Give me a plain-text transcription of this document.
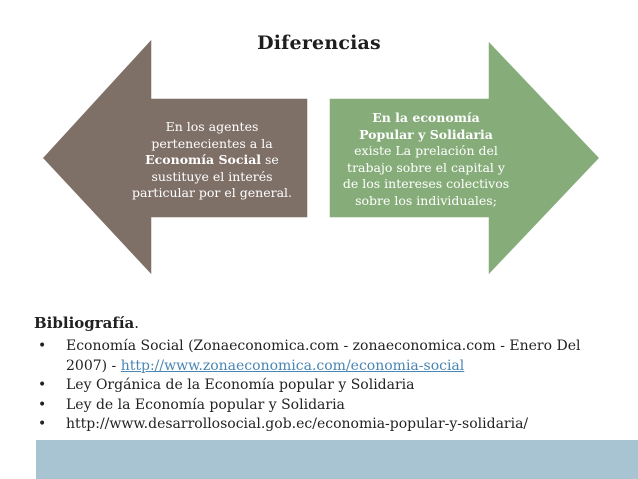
Diferencias
En los agentes
pertenecientes a la
Economía Social se
sustituye el interés
particular por el general.
En la economía
Popular y Solidaria
existe La prelación del
trabajo sobre el capital y
de los intereses colectivos
sobre los individuales;
Bibliografía.
• Economía Social (Zonaeconomica.com - zonaeconomica.com - Enero Del 2007) - http://www.zonaeconomica.com/economia-social
• Ley Orgánica de la Economía popular y Solidaria
• Ley de la Economía popular y Solidaria
• http://www.desarrollosocial.gob.ec/economia-popular-y-solidaria/
